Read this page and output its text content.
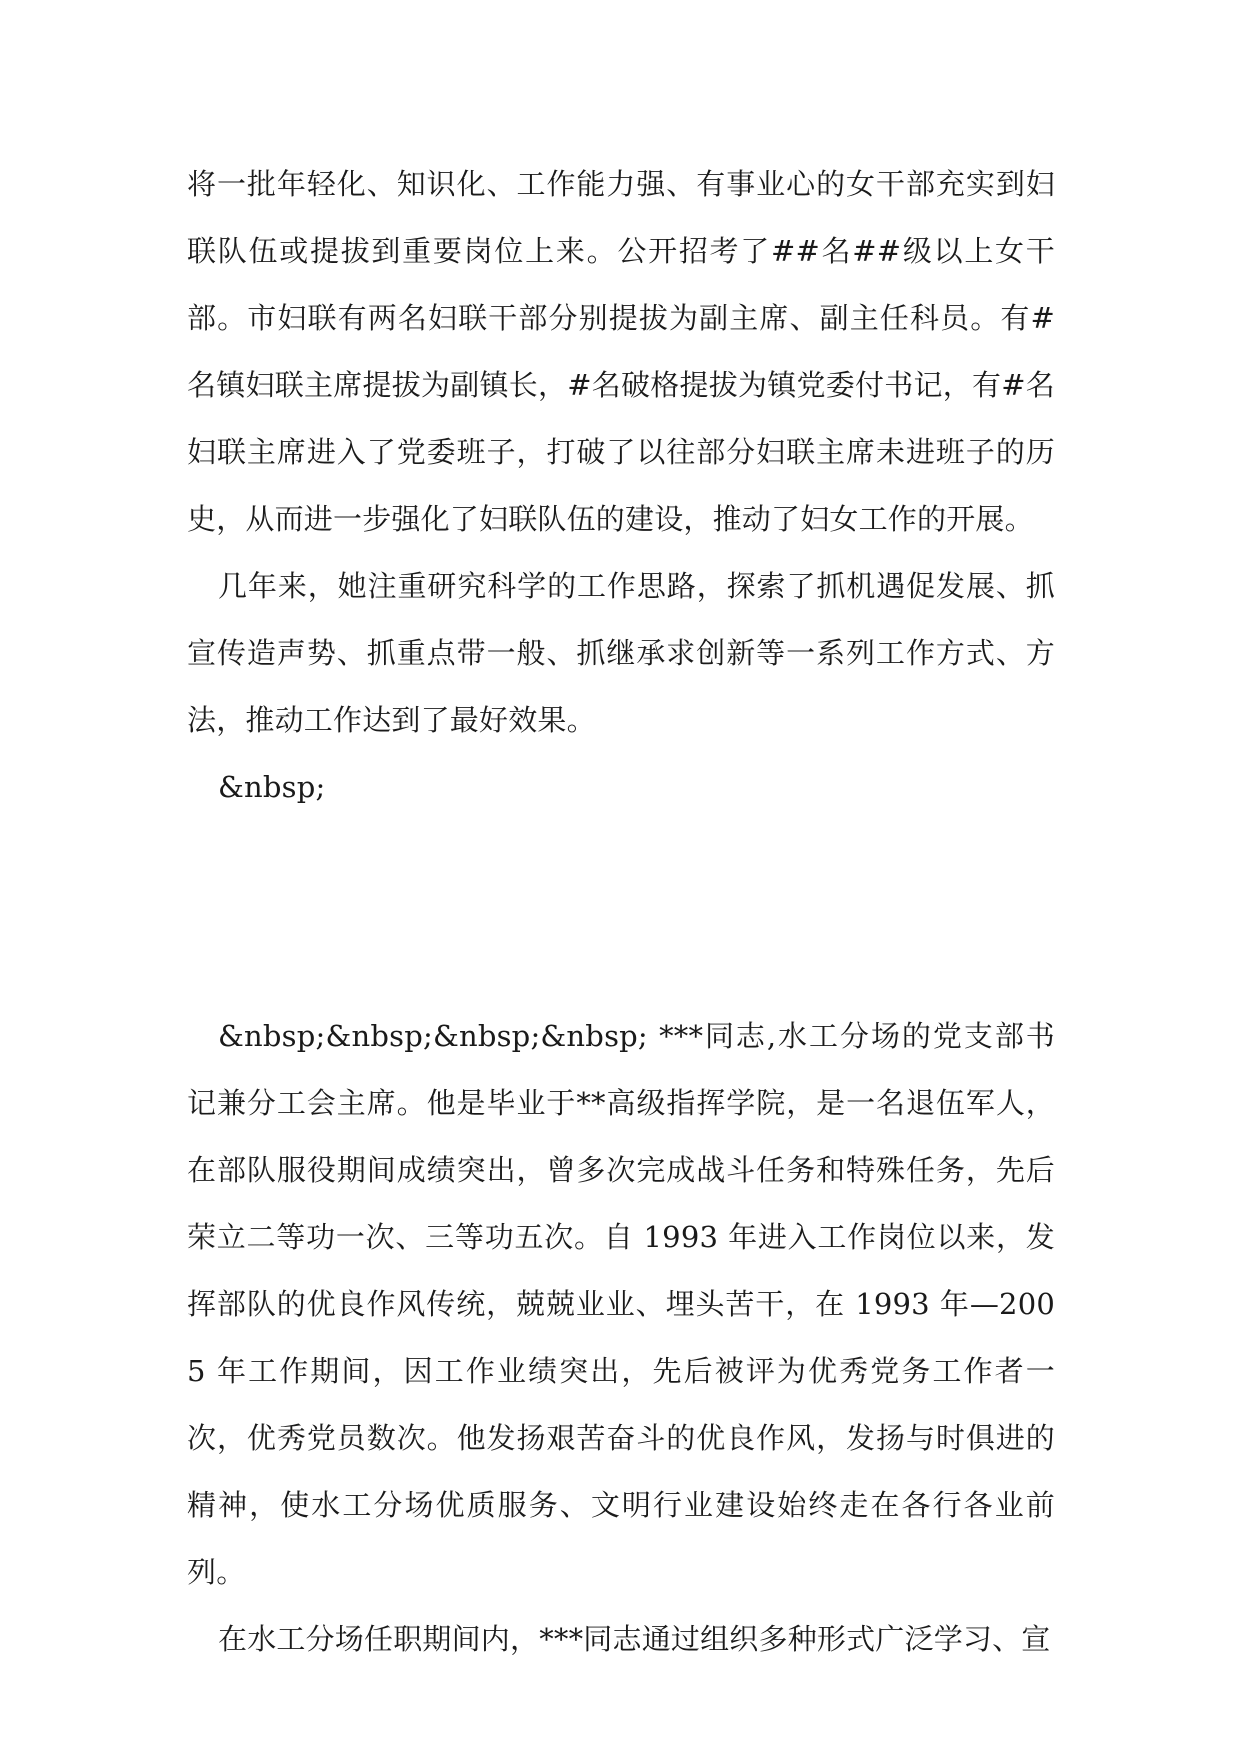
将一批年轻化、知识化、工作能力强、有事业心的女干部充实到妇联队伍或提拔到重要岗位上来。公开招考了##名##级以上女干部。市妇联有两名妇联干部分别提拔为副主席、副主任科员。有#名镇妇联主席提拔为副镇长，#名破格提拔为镇党委付书记，有#名妇联主席进入了党委班子，打破了以往部分妇联主席未进班子的历史，从而进一步强化了妇联队伍的建设，推动了妇女工作的开展。

几年来，她注重研究科学的工作思路，探索了抓机遇促发展、抓宣传造声势、抓重点带一般、抓继承求创新等一系列工作方式、方法，推动工作达到了最好效果。

&nbsp;

&nbsp;&nbsp;&nbsp;&nbsp; ***同志,水工分场的党支部书记兼分工会主席。他是毕业于**高级指挥学院，是一名退伍军人，在部队服役期间成绩突出，曾多次完成战斗任务和特殊任务，先后荣立二等功一次、三等功五次。自 1993 年进入工作岗位以来，发挥部队的优良作风传统，兢兢业业、埋头苦干，在 1993 年—2005 年工作期间，因工作业绩突出，先后被评为优秀党务工作者一次，优秀党员数次。他发扬艰苦奋斗的优良作风，发扬与时俱进的精神，使水工分场优质服务、文明行业建设始终走在各行各业前列。

在水工分场任职期间内，***同志通过组织多种形式广泛学习、宣
